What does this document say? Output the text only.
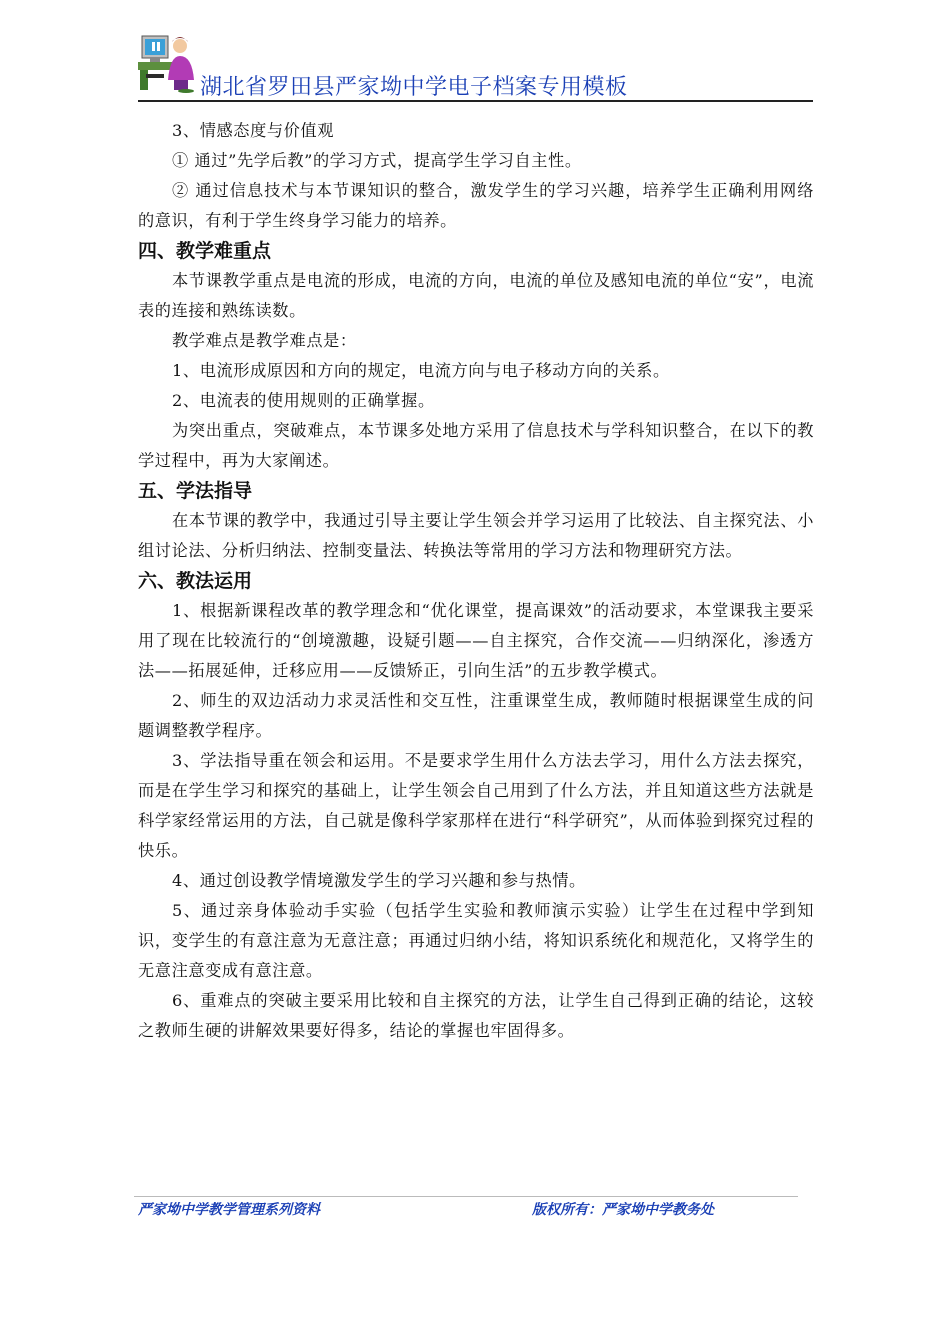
湖北省罗田县严家坳中学电子档案专用模板

3、情感态度与价值观

① 通过”先学后教”的学习方式，提高学生学习自主性。

② 通过信息技术与本节课知识的整合，激发学生的学习兴趣，培养学生正确利用网络的意识，有利于学生终身学习能力的培养。

四、教学难重点

本节课教学重点是电流的形成，电流的方向，电流的单位及感知电流的单位“安”，电流表的连接和熟练读数。

教学难点是教学难点是：

1、电流形成原因和方向的规定，电流方向与电子移动方向的关系。

2、电流表的使用规则的正确掌握。

为突出重点，突破难点，本节课多处地方采用了信息技术与学科知识整合，在以下的教学过程中，再为大家阐述。

五、学法指导

在本节课的教学中，我通过引导主要让学生领会并学习运用了比较法、自主探究法、小组讨论法、分析归纳法、控制变量法、转换法等常用的学习方法和物理研究方法。

六、教法运用

1、根据新课程改革的教学理念和“优化课堂，提高课效”的活动要求，本堂课我主要采用了现在比较流行的“创境激趣，设疑引题——自主探究，合作交流——归纳深化，渗透方法——拓展延伸，迁移应用——反馈矫正，引向生活”的五步教学模式。

2、师生的双边活动力求灵活性和交互性，注重课堂生成，教师随时根据课堂生成的问题调整教学程序。

3、学法指导重在领会和运用。不是要求学生用什么方法去学习，用什么方法去探究，而是在学生学习和探究的基础上，让学生领会自己用到了什么方法，并且知道这些方法就是科学家经常运用的方法，自己就是像科学家那样在进行“科学研究”，从而体验到探究过程的快乐。

4、通过创设教学情境激发学生的学习兴趣和参与热情。

5、通过亲身体验动手实验（包括学生实验和教师演示实验）让学生在过程中学到知识，变学生的有意注意为无意注意；再通过归纳小结，将知识系统化和规范化，又将学生的无意注意变成有意注意。

6、重难点的突破主要采用比较和自主探究的方法，让学生自己得到正确的结论，这较之教师生硬的讲解效果要好得多，结论的掌握也牢固得多。

严家坳中学教学管理系列资料	版权所有：严家坳中学教务处
